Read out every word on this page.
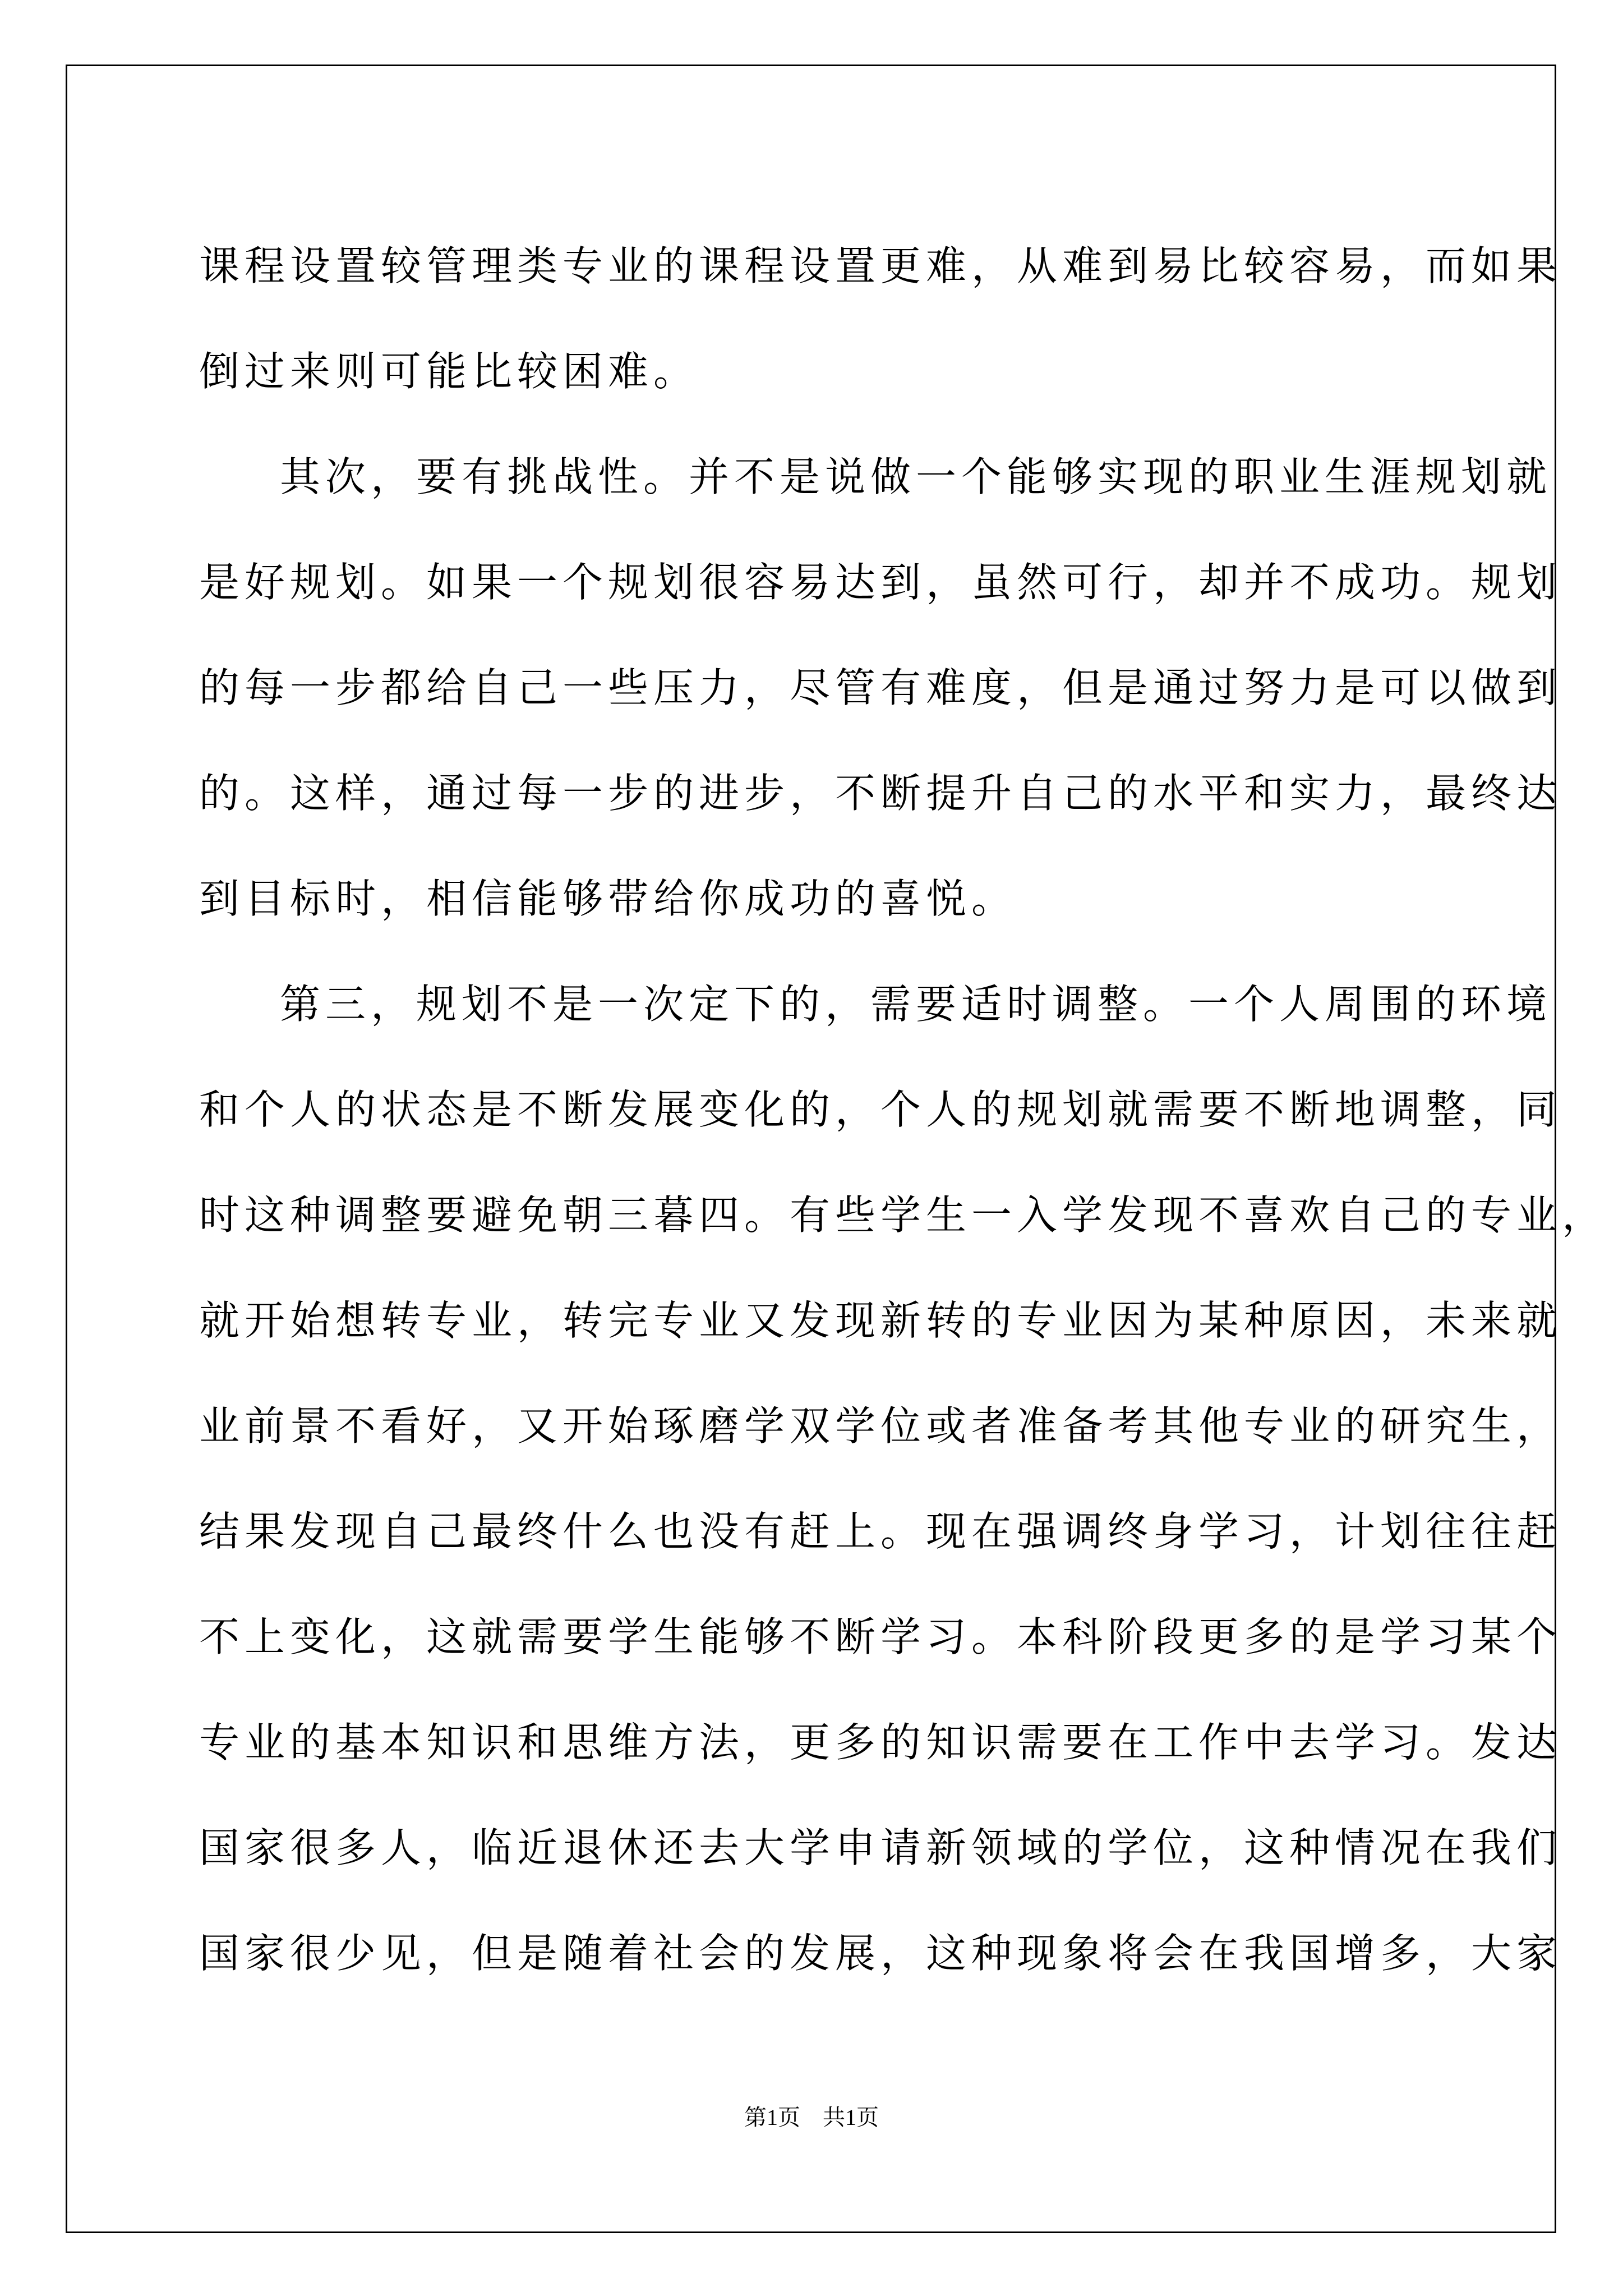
课程设置较管理类专业的课程设置更难，从难到易比较容易，而如果
倒过来则可能比较困难。
其次，要有挑战性。并不是说做一个能够实现的职业生涯规划就
是好规划。如果一个规划很容易达到，虽然可行，却并不成功。规划
的每一步都给自己一些压力，尽管有难度，但是通过努力是可以做到
的。这样，通过每一步的进步，不断提升自己的水平和实力，最终达
到目标时，相信能够带给你成功的喜悦。
第三，规划不是一次定下的，需要适时调整。一个人周围的环境
和个人的状态是不断发展变化的，个人的规划就需要不断地调整，同
时这种调整要避免朝三暮四。有些学生一入学发现不喜欢自己的专业，
就开始想转专业，转完专业又发现新转的专业因为某种原因，未来就
业前景不看好，又开始琢磨学双学位或者准备考其他专业的研究生，
结果发现自己最终什么也没有赶上。现在强调终身学习，计划往往赶
不上变化，这就需要学生能够不断学习。本科阶段更多的是学习某个
专业的基本知识和思维方法，更多的知识需要在工作中去学习。发达
国家很多人，临近退休还去大学申请新领域的学位，这种情况在我们
国家很少见，但是随着社会的发展，这种现象将会在我国增多，大家
第1页　共1页
